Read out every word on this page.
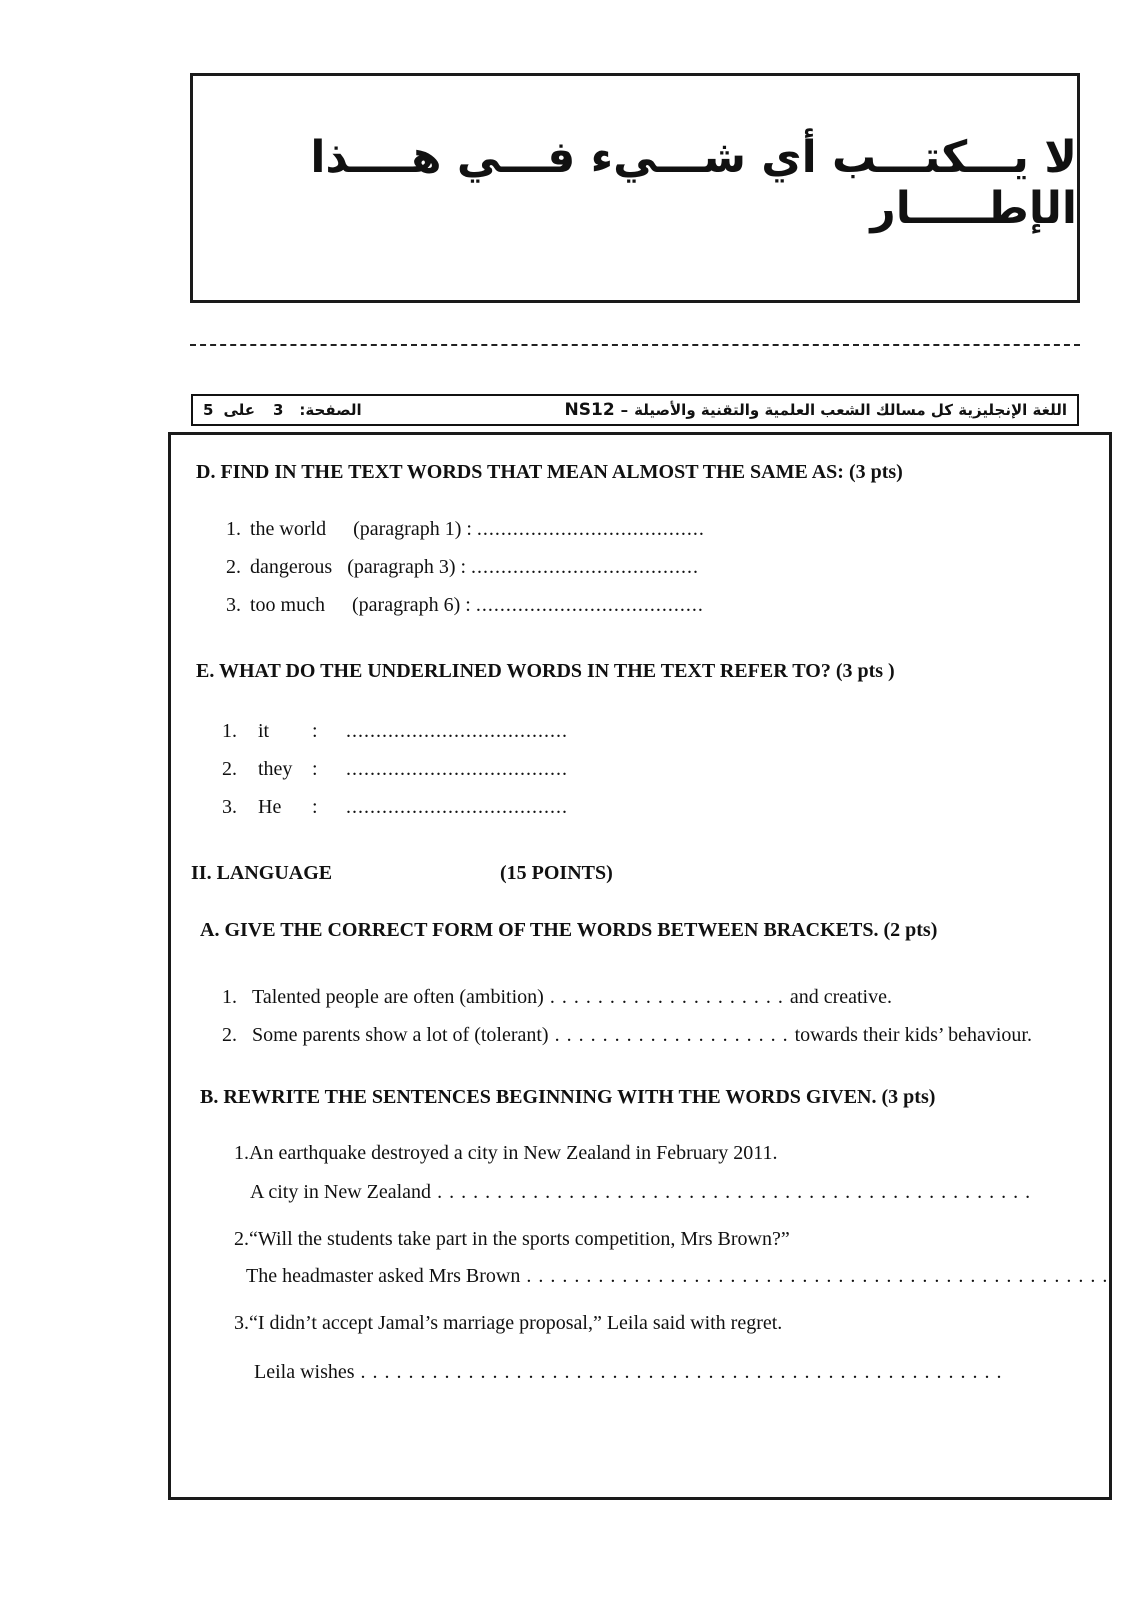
لا يـــكتـــب أي شـــيء فـــي هــــذا الإطـــــار
5 على 3 الصفحة:	NS12 – اللغة الإنجليزية كل مسالك الشعب العلمية والتقنية والأصيلة
D. FIND IN THE TEXT WORDS THAT MEAN ALMOST THE SAME AS: (3 pts)
1. the world (paragraph 1) : ......................................
2. dangerous (paragraph 3) : ......................................
3. too much (paragraph 6) : ......................................
E. WHAT DO THE UNDERLINED WORDS IN THE TEXT REFER TO? (3 pts )
1. it : .....................................
2. they : .....................................
3. He : .....................................
II. LANGUAGE	(15 POINTS)
A. GIVE THE CORRECT FORM OF THE WORDS BETWEEN BRACKETS. (2 pts)
1. Talented people are often (ambition) . . . . . . . . . . . . . . . . . . . . and creative.
2. Some parents show a lot of (tolerant) . . . . . . . . . . . . . . . . . . . . towards their kids’ behaviour.
B. REWRITE THE SENTENCES BEGINNING WITH THE WORDS GIVEN. (3 pts)
1.An earthquake destroyed a city in New Zealand in February 2011.
A city in New Zealand . . . . . . . . . . . . . . . . . . . . . . . . . . . . . . . . . . . . . . . . . . . . . . . . . .
2.“Will the students take part in the sports competition, Mrs Brown?”
The headmaster asked Mrs Brown . . . . . . . . . . . . . . . . . . . . . . . . . . . . . . . . . . . . . . . . . . . . . . . . .
3.“I didn’t accept Jamal’s marriage proposal,” Leila said with regret.
Leila wishes . . . . . . . . . . . . . . . . . . . . . . . . . . . . . . . . . . . . . . . . . . . . . . . . . . . . . .
